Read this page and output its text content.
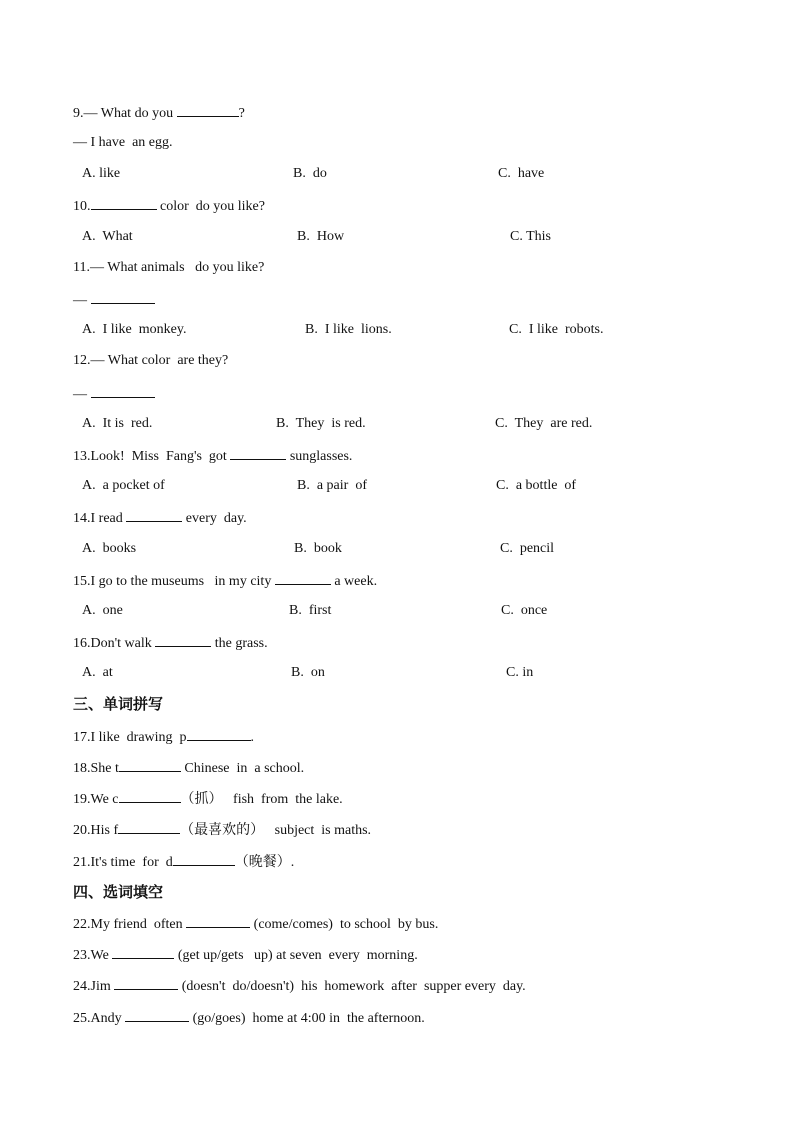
9.— What do you	?
— I have  an egg.
A. like	B.  do	C.  have
10.	color  do you like?
A.  What	B.  How	C. This
11.— What animals   do you like?
—
A.  I like  monkey.	B.  I like  lions.	C.  I like  robots.
12.— What color  are they?
—
A.  It is  red.	B.  They  is red.	C.  They  are red.
13.Look!  Miss  Fang's  got	sunglasses.
A.  a pocket of	B.  a pair  of	C.  a bottle  of
14.I read	every  day.
A.  books	B.  book	C.  pencil
15.I go to the museums   in my city	a week.
A.  one	B.  first	C.  once
16.Don't walk	the grass.
A.  at	B.  on	C. in
三、单词拼写
17.I like  drawing  p	.
18.She t	Chinese  in  a school.
19.We c	（抓）   fish  from  the lake.
20.His f	（最喜欢的）   subject  is maths.
21.It's time  for  d	（晚餐）.
四、选词填空
22.My friend  often	(come/comes)  to school  by bus.
23.We	(get up/gets   up) at seven  every  morning.
24.Jim	(doesn't  do/doesn't)  his  homework  after  supper every  day.
25.Andy	(go/goes)  home at 4:00 in  the afternoon.
